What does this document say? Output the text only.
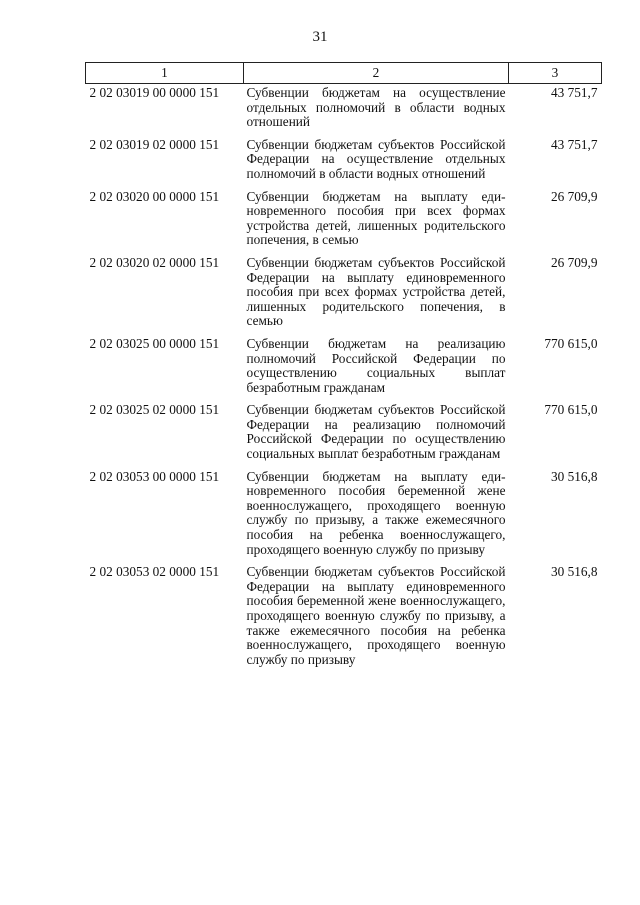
31
1	2	3
2 02 03019 00 0000 151	Субвенции бюджетам на осуществление отдельных полномочий в области водных отношений	43 751,7
2 02 03019 02 0000 151	Субвенции бюджетам субъектов Российской Федерации на осуществление отдельных полномочий в области водных отношений	43 751,7
2 02 03020 00 0000 151	Субвенции бюджетам на выплату единовременного пособия при всех формах устройства детей, лишенных родительского попечения, в семью	26 709,9
2 02 03020 02 0000 151	Субвенции бюджетам субъектов Российской Федерации на выплату единовременного пособия при всех формах устройства детей, лишенных родительского попечения, в семью	26 709,9
2 02 03025 00 0000 151	Субвенции бюджетам на реализацию полномочий Российской Федерации по осуществлению социальных выплат безработным гражданам	770 615,0
2 02 03025 02 0000 151	Субвенции бюджетам субъектов Российской Федерации на реализацию полномочий Российской Федерации по осуществлению социальных выплат безработным гражданам	770 615,0
2 02 03053 00 0000 151	Субвенции бюджетам на выплату единовременного пособия беременной жене военнослужащего, проходящего военную службу по призыву, а также ежемесячного пособия на ребенка военнослужащего, проходящего военную службу по призыву	30 516,8
2 02 03053 02 0000 151	Субвенции бюджетам субъектов Российской Федерации на выплату единовременного пособия беременной жене военнослужащего, проходящего военную службу по призыву, а также ежемесячного пособия на ребенка военнослужащего, проходящего военную службу по призыву	30 516,8
